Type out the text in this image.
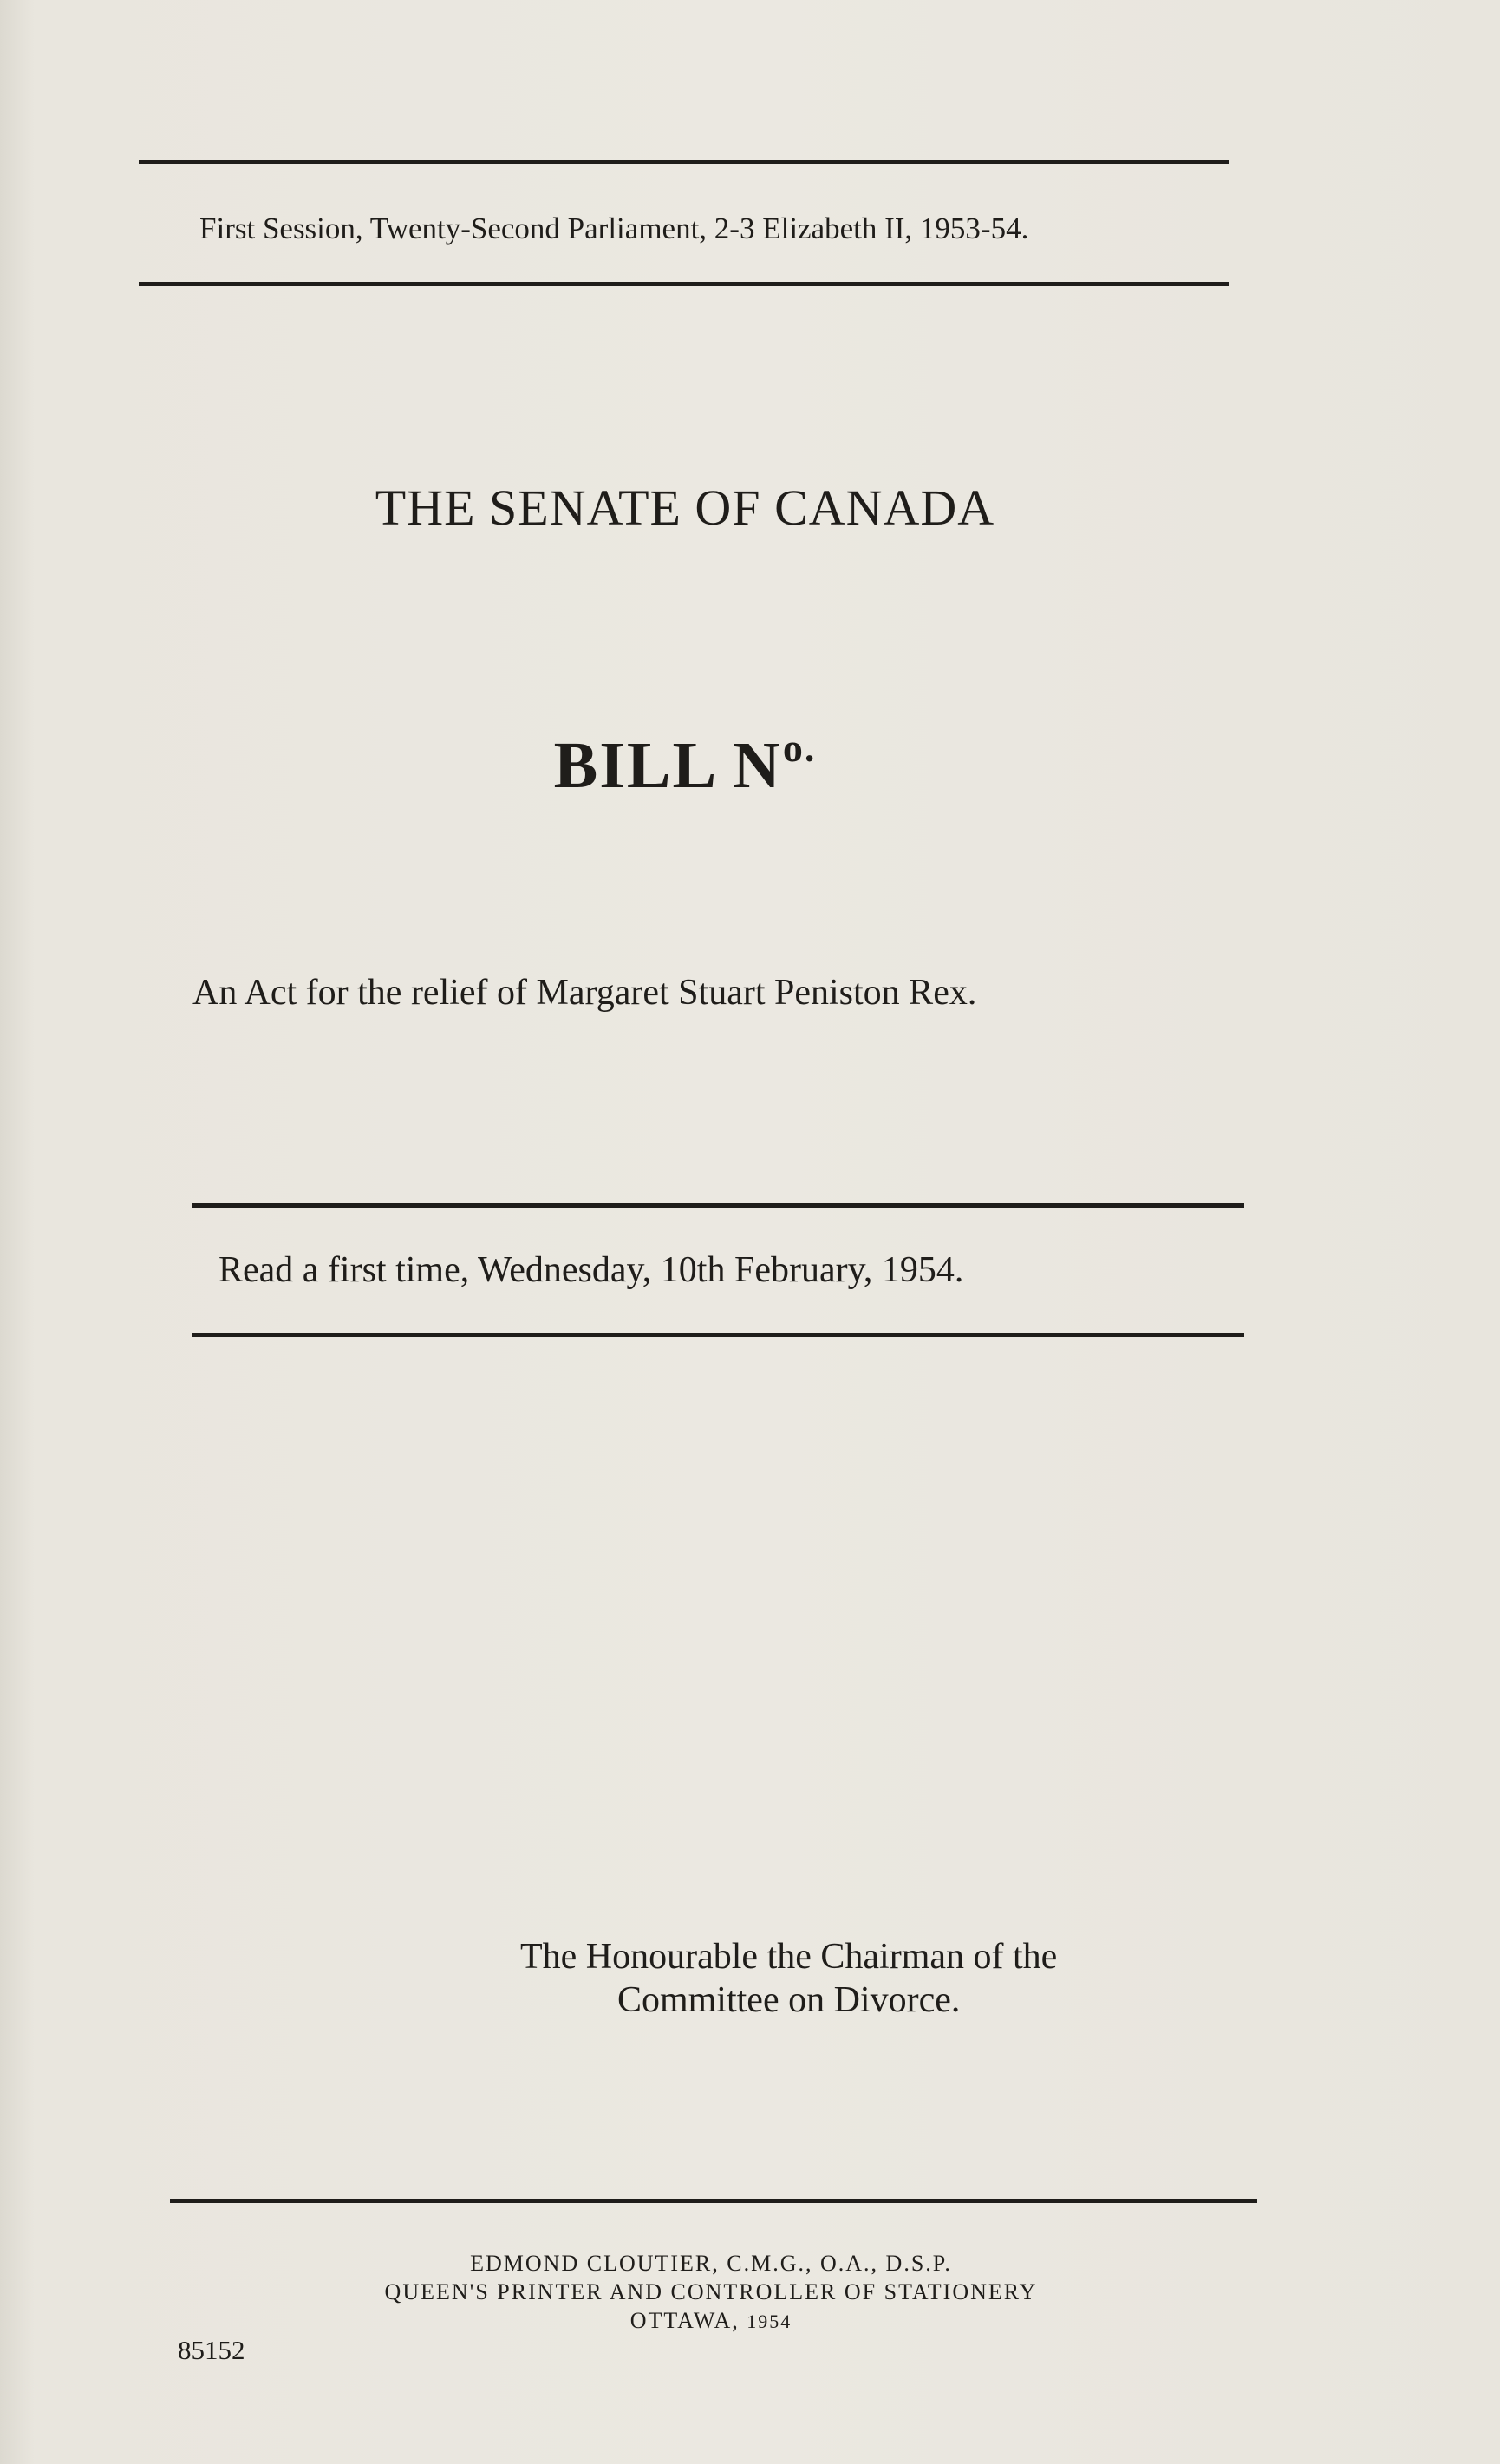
First Session, Twenty-Second Parliament, 2-3 Elizabeth II, 1953-54.
THE SENATE OF CANADA
BILL $N^{o.}$
An Act for the relief of Margaret Stuart Peniston Rex.
Read a first time, Wednesday, 10th February, 1954.
The Honourable the Chairman of the
Committee on Divorce.
EDMOND CLOUTIER, C.M.G., O.A., D.S.P.
QUEEN'S PRINTER AND CONTROLLER OF STATIONERY
OTTAWA, 1954
85152
